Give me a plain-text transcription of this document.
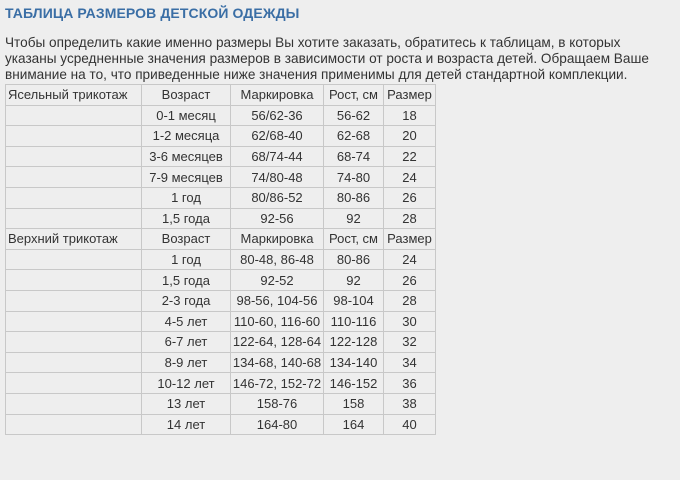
ТАБЛИЦА РАЗМЕРОВ ДЕТСКОЙ ОДЕЖДЫ

Чтобы определить какие именно размеры Вы хотите заказать, обратитесь к таблицам, в которых указаны усредненные значения размеров в зависимости от роста и возраста детей. Обращаем Ваше внимание на то, что приведенные ниже значения применимы для детей стандартной комплекции.

Ясельный трикотаж	Возраст	Маркировка	Рост, см	Размер
	0-1 месяц	56/62-36	56-62	18
	1-2 месяца	62/68-40	62-68	20
	3-6 месяцев	68/74-44	68-74	22
	7-9 месяцев	74/80-48	74-80	24
	1 год	80/86-52	80-86	26
	1,5 года	92-56	92	28
Верхний трикотаж	Возраст	Маркировка	Рост, см	Размер
	1 год	80-48, 86-48	80-86	24
	1,5 года	92-52	92	26
	2-3 года	98-56, 104-56	98-104	28
	4-5 лет	110-60, 116-60	110-116	30
	6-7 лет	122-64, 128-64	122-128	32
	8-9 лет	134-68, 140-68	134-140	34
	10-12 лет	146-72, 152-72	146-152	36
	13 лет	158-76	158	38
	14 лет	164-80	164	40
